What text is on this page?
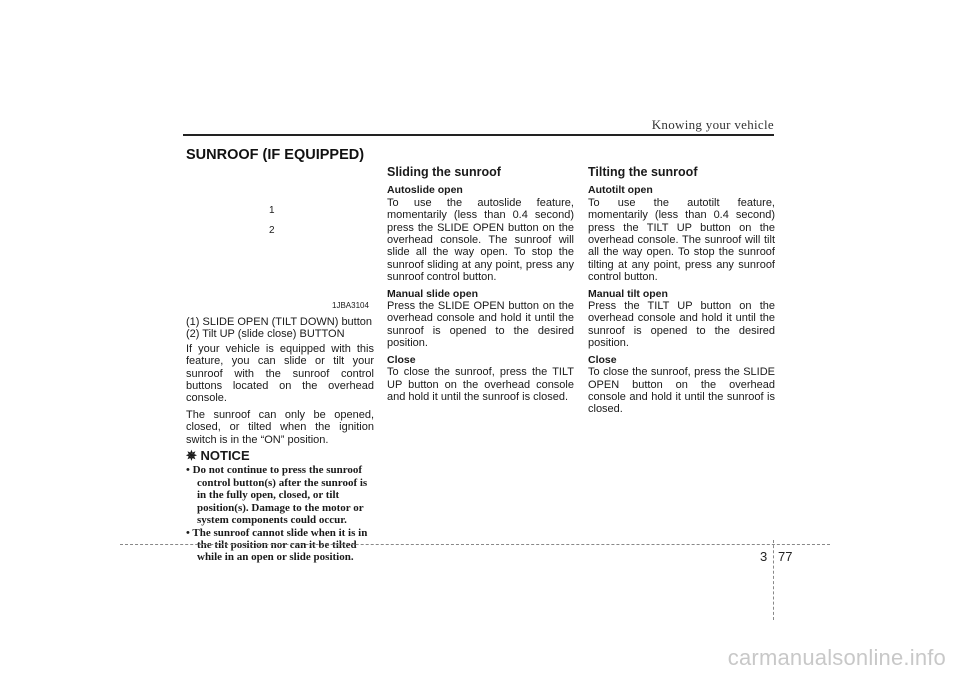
Knowing your vehicle
SUNROOF (IF EQUIPPED)
1
2
1JBA3104

(1) SLIDE OPEN (TILT DOWN) button

(2) Tilt UP (slide close) BUTTON

If your vehicle is equipped with this feature, you can slide or tilt your sunroof with the sunroof control buttons located on the overhead console.

The sunroof can only be opened, closed, or tilted when the ignition switch is in the “ON” position.

✵ NOTICE

• Do not continue to press the sunroof control button(s) after the sunroof is in the fully open, closed, or tilt position(s). Damage to the motor or system components could occur.

• The sunroof cannot slide when it is in the tilt position nor can it be tilted while in an open or slide position.

Sliding the sunroof
Autoslide open

To use the autoslide feature, momentarily (less than 0.4 second) press the SLIDE OPEN button on the overhead console. The sunroof will slide all the way open. To stop the sunroof sliding at any point, press any sunroof control button.

Manual slide open

Press the SLIDE OPEN button on the overhead console and hold it until the sunroof is opened to the desired position.

Close

To close the sunroof, press the TILT UP button on the overhead console and hold it until the sunroof is closed.

Tilting the sunroof
Autotilt open

To use the autotilt feature, momentarily (less than 0.4 second) press the TILT UP button on the overhead console. The sunroof will tilt all the way open. To stop the sunroof tilting at any point, press any sunroof control button.

Manual tilt open

Press the TILT UP button on the overhead console and hold it until the sunroof is opened to the desired position.

Close

To close the sunroof, press the SLIDE OPEN button on the overhead console and hold it until the sunroof is closed.

3 77
carmanualsonline.info
